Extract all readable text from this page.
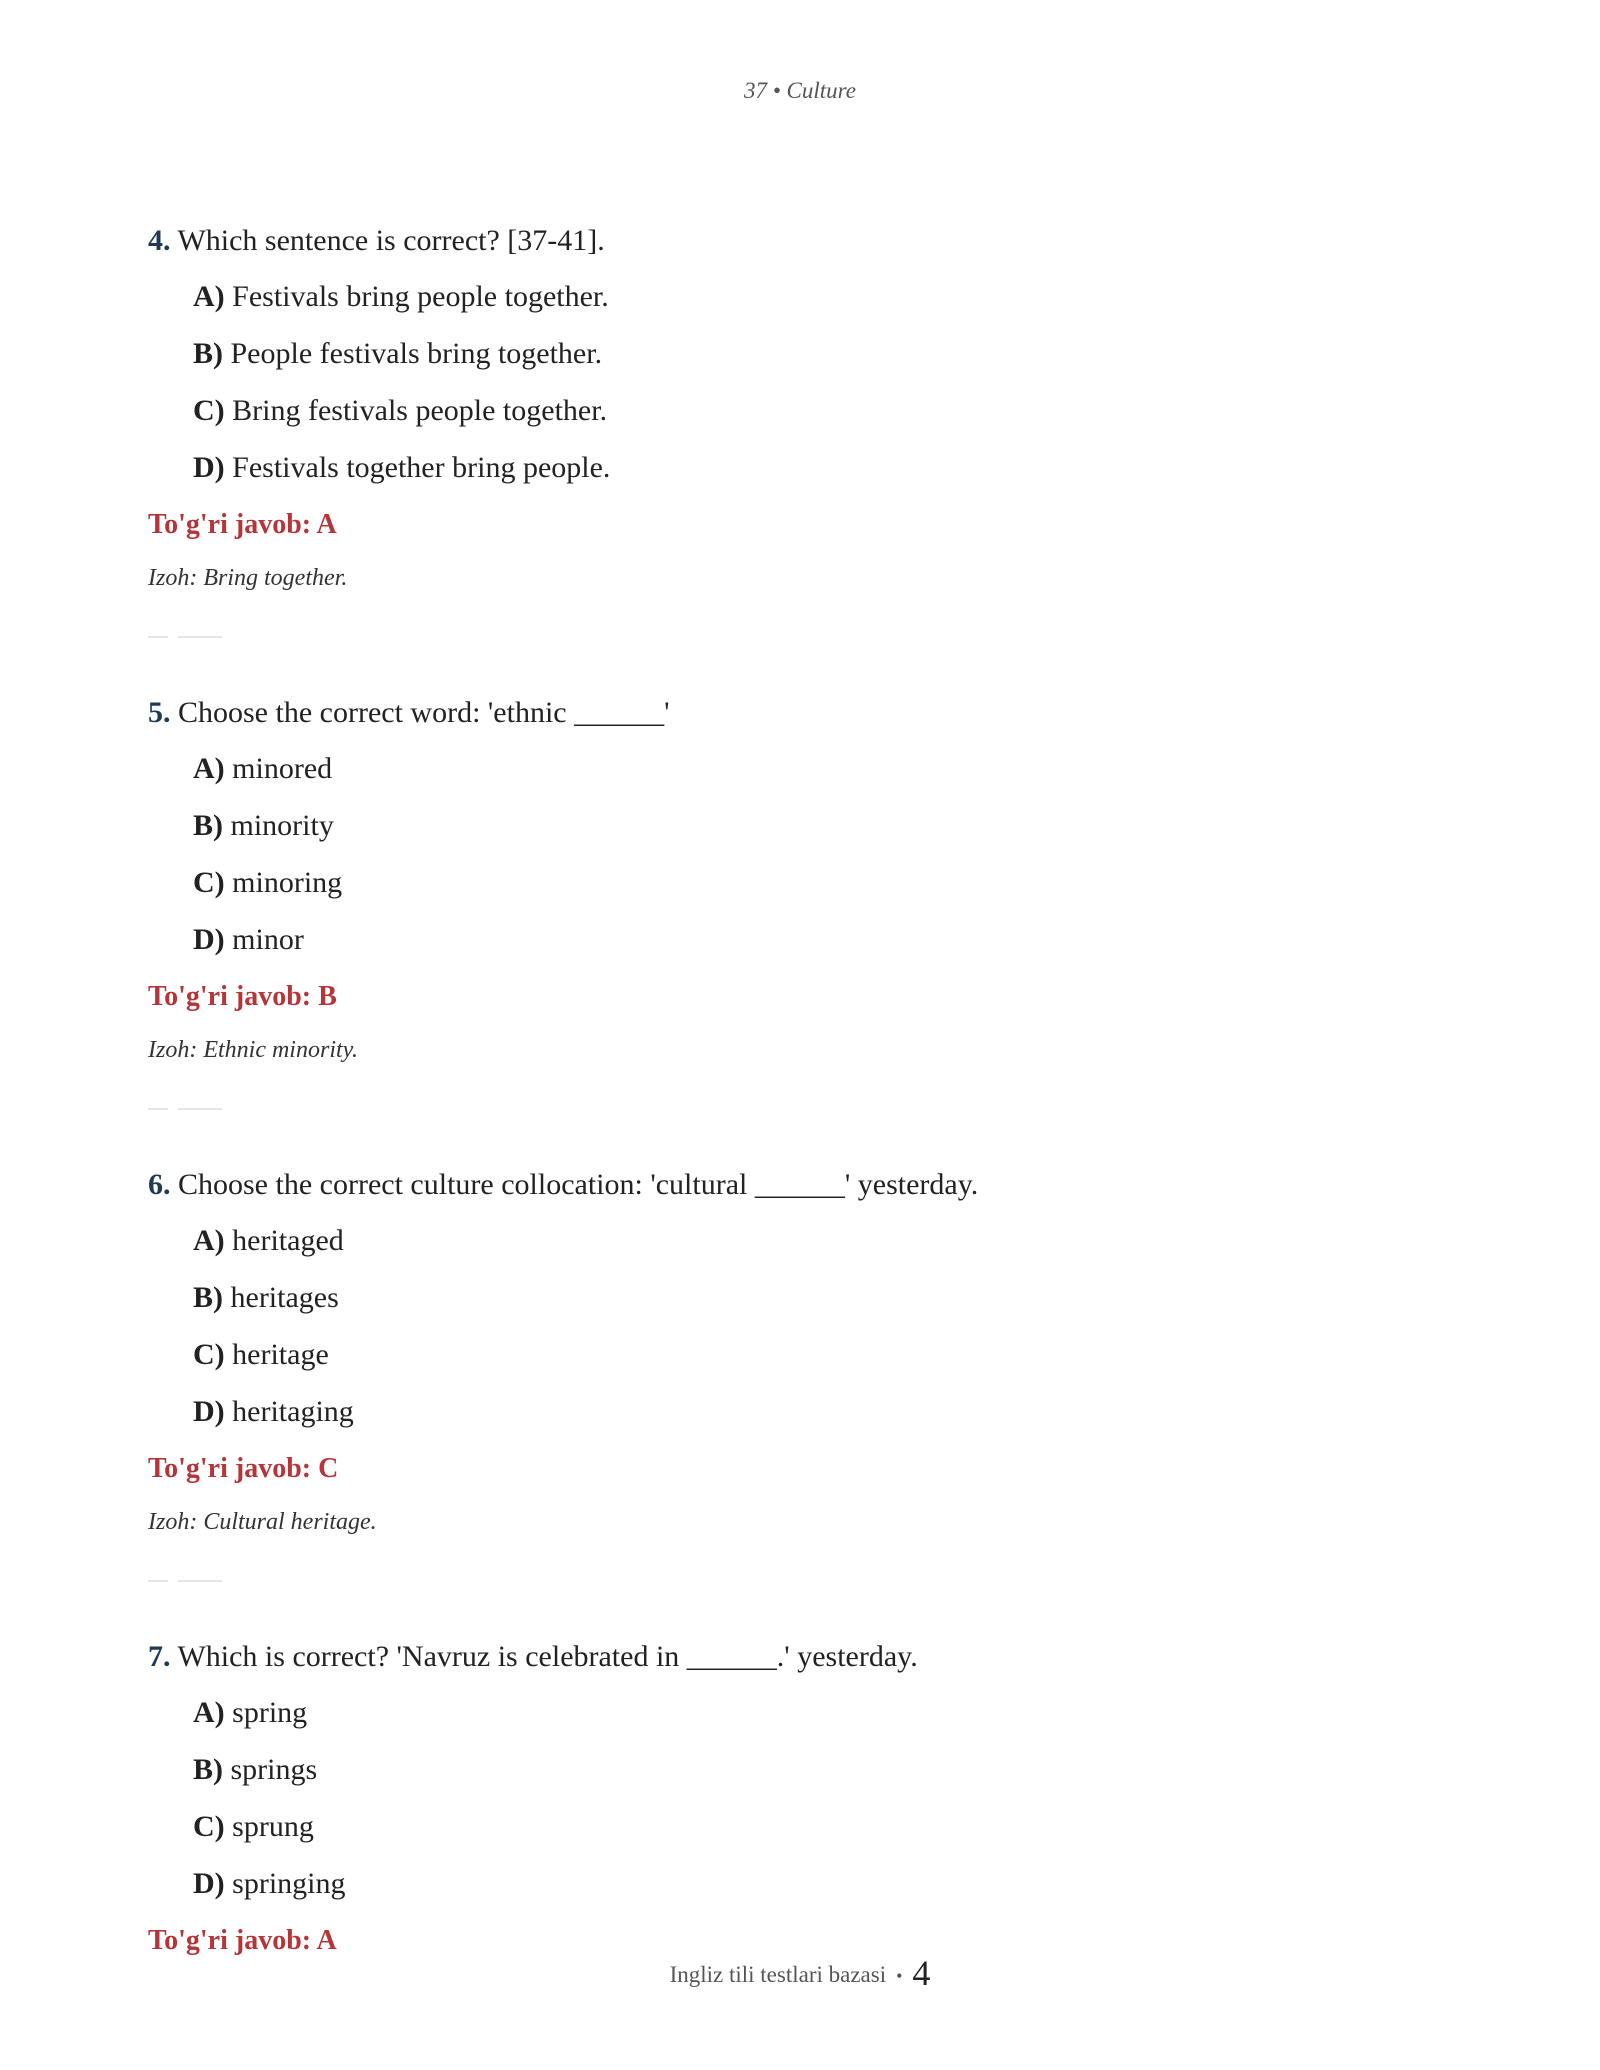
37 • Culture

4. Which sentence is correct? [37-41].

A) Festivals bring people together.
B) People festivals bring together.
C) Bring festivals people together.
D) Festivals together bring people.

To'g'ri javob: A

Izoh: Bring together.

5. Choose the correct word: 'ethnic ______'

A) minored
B) minority
C) minoring
D) minor

To'g'ri javob: B

Izoh: Ethnic minority.

6. Choose the correct culture collocation: 'cultural ______' yesterday.

A) heritaged
B) heritages
C) heritage
D) heritaging

To'g'ri javob: C

Izoh: Cultural heritage.

7. Which is correct? 'Navruz is celebrated in ______.' yesterday.

A) spring
B) springs
C) sprung
D) springing

To'g'ri javob: A

Ingliz tili testlari bazasi • 4
